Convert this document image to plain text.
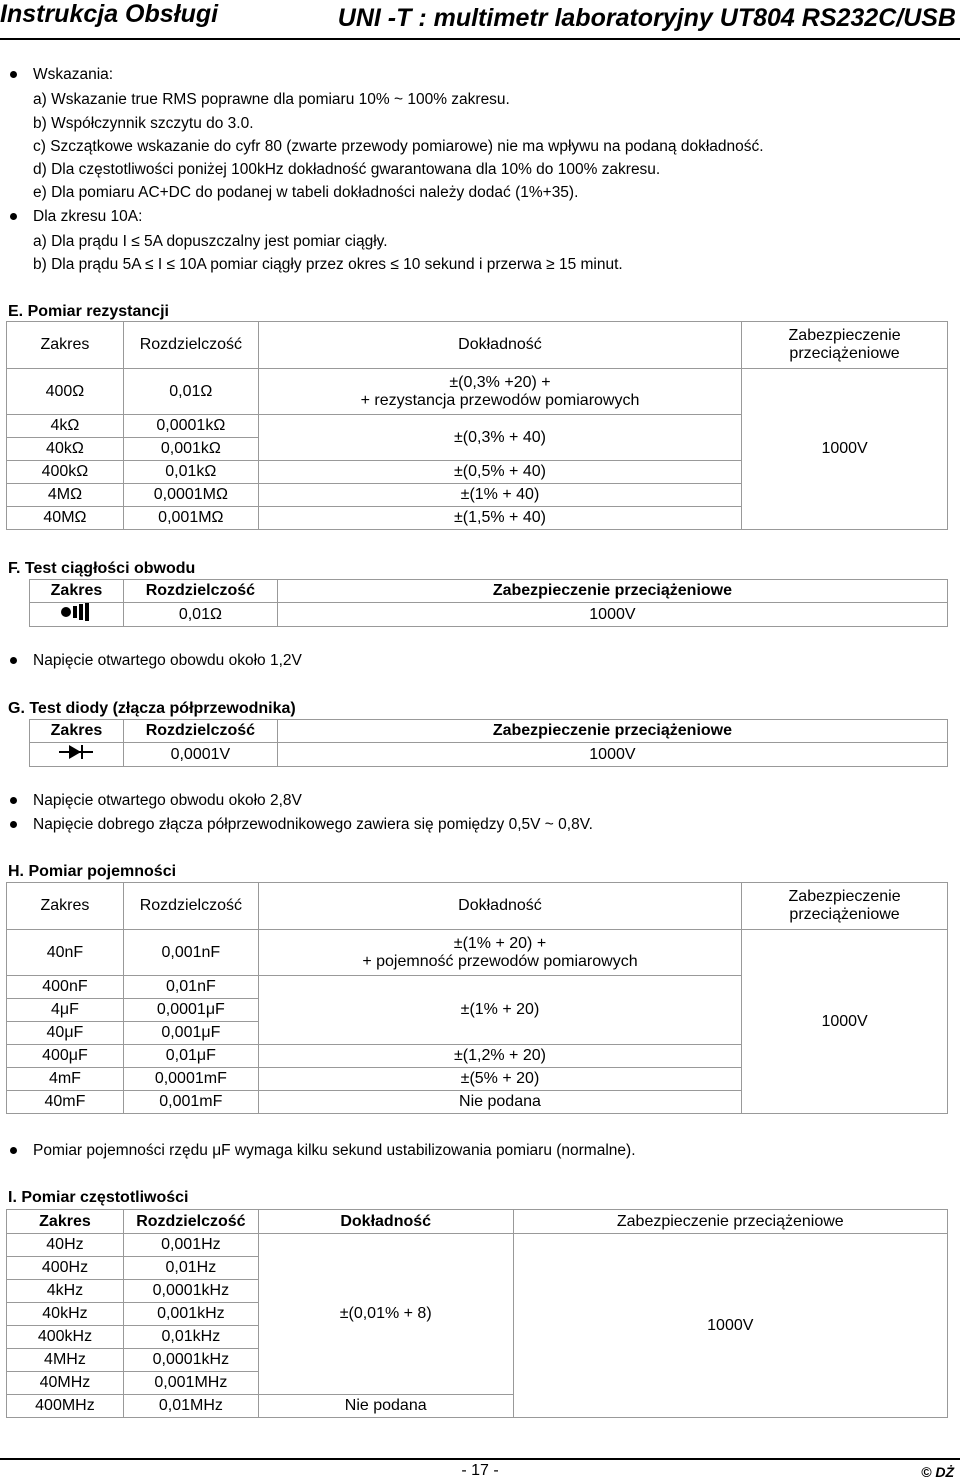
Instrukcja Obsługi	UNI -T : multimetr laboratoryjny UT804 RS232C/USB
Wskazania:
a) Wskazanie true RMS poprawne dla pomiaru 10% ~ 100% zakresu.
b) Współczynnik szczytu do 3.0.
c) Szczątkowe wskazanie do cyfr 80 (zwarte przewody pomiarowe) nie ma wpływu na podaną dokładność.
d) Dla częstotliwości poniżej 100kHz dokładność gwarantowana dla 10% do 100% zakresu.
e) Dla pomiaru AC+DC do podanej w tabeli dokładności należy dodać (1%+35).
Dla zkresu 10A:
a) Dla prądu I ≤ 5A dopuszczalny jest pomiar ciągły.
b) Dla prądu 5A ≤ I ≤ 10A pomiar ciągły przez okres ≤ 10 sekund i przerwa ≥ 15 minut.
E. Pomiar rezystancji
Zakres	Rozdzielczość	Dokładność	Zabezpieczenie
przeciążeniowe

400Ω	0,01Ω	±(0,3% +20) +
+ rezystancja przewodów pomiarowych	1000V
4kΩ	0,0001kΩ	±(0,3% + 40)	
40kΩ	0,001kΩ		
400kΩ	0,01kΩ	±(0,5% + 40)	
4MΩ	0,0001MΩ	±(1% + 40)	
40MΩ	0,001MΩ	±(1,5% + 40)	
F. Test ciągłości obwodu
Zakres	Rozdzielczość	Zabezpieczenie przeciążeniowe
	0,01Ω	1000V
Napięcie otwartego obowdu około 1,2V
G. Test diody (złącza półprzewodnika)
Zakres	Rozdzielczość	Zabezpieczenie przeciążeniowe
	0,0001V	1000V
Napięcie otwartego obwodu około 2,8V
Napięcie dobrego złącza półprzewodnikowego zawiera się pomiędzy 0,5V ~ 0,8V.
H. Pomiar pojemności
Zakres	Rozdzielczość	Dokładność	Zabezpieczenie
przeciążeniowe

40nF	0,001nF	±(1% + 20) +
+ pojemność przewodów pomiarowych	1000V
400nF	0,01nF	±(1% + 20)	
4μF	0,0001μF		
40μF	0,001μF		
400μF	0,01μF	±(1,2% + 20)	
4mF	0,0001mF	±(5% + 20)	
40mF	0,001mF	Nie podana	
Pomiar pojemności rzędu μF wymaga kilku sekund ustabilizowania pomiaru (normalne).
I. Pomiar częstotliwości
Zakres	Rozdzielczość	Dokładność	Zabezpieczenie przeciążeniowe
40Hz	0,001Hz	±(0,01% + 8)	1000V
400Hz	0,01Hz		
4kHz	0,0001kHz		
40kHz	0,001kHz		
400kHz	0,01kHz		
4MHz	0,0001kHz		
40MHz	0,001MHz		
400MHz	0,01MHz	Nie podana	
- 17 -	© DŻ
